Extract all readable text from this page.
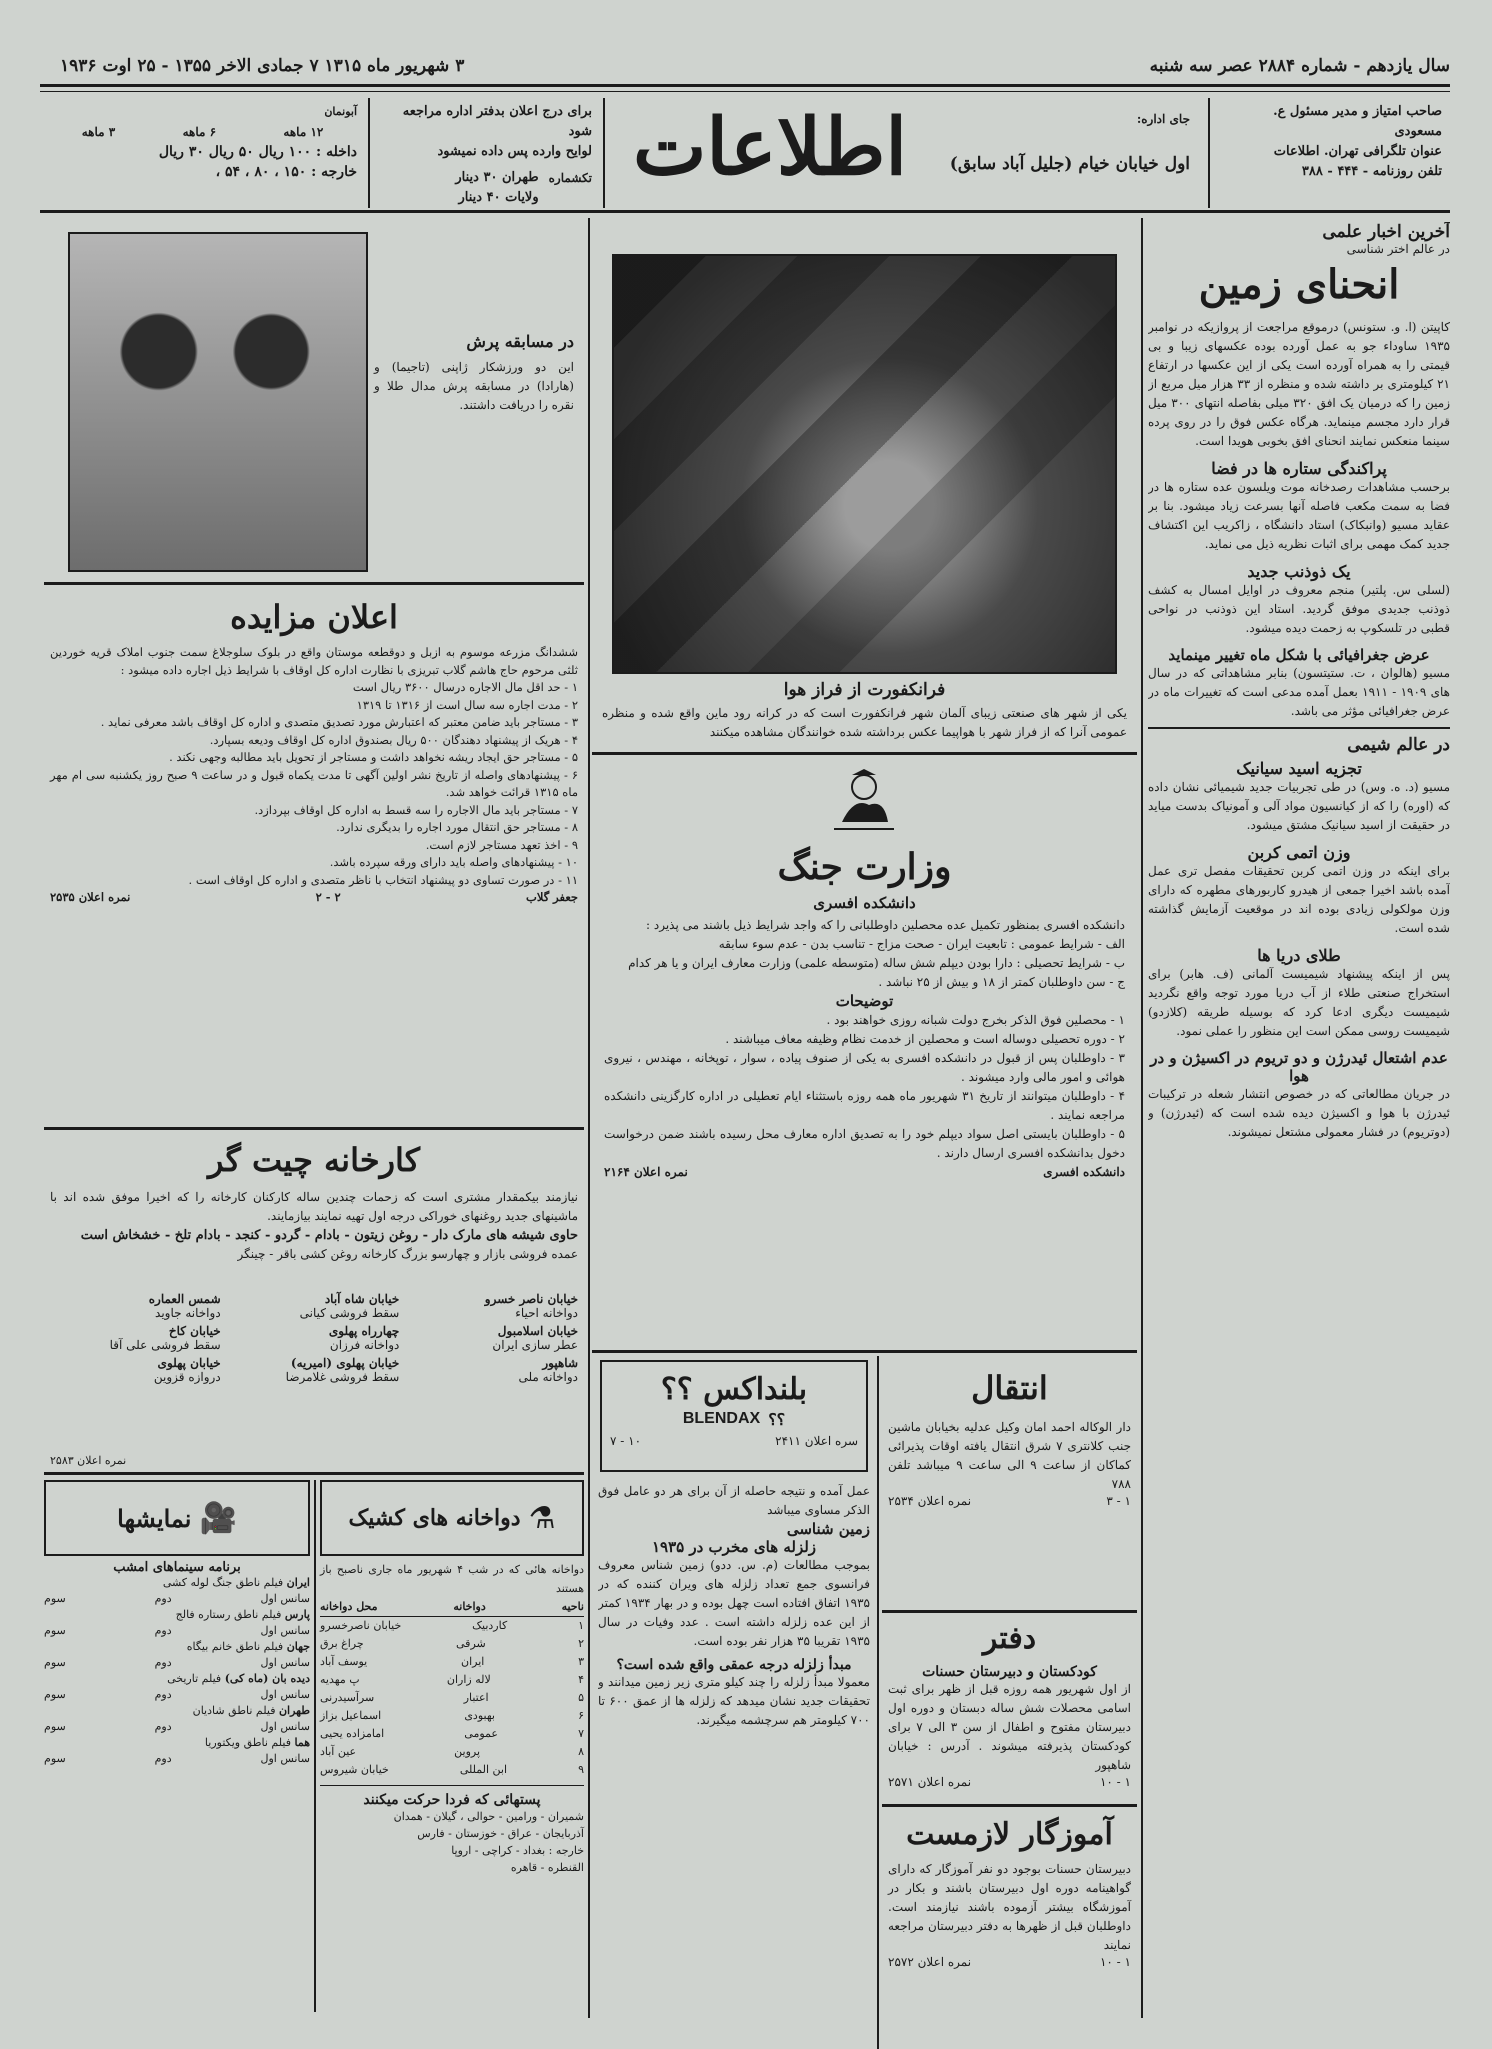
سال یازدهم - شماره ۲۸۸۴ عصر سه شنبه
۳ شهریور ماه ۱۳۱۵ ۷ جمادی الاخر ۱۳۵۵ - ۲۵ اوت ۱۹۳۶
صاحب امتیاز و مدیر مسئول ع. مسعودی
عنوان تلگرافی تهران. اطلاعات
تلفن روزنامه - ۴۴۴ - ۳۸۸
جای اداره:
اول خیابان خیام (جلیل آباد سابق)
اطلاعات
برای درج اعلان بدفتر اداره مراجعه شود
لوایح وارده پس داده نمیشود
تکشماره
طهران ۳۰ دینار
ولایات ۴۰ دینار
آبونمان
۱۲ ماهه
۶ ماهه
۳ ماهه
داخله : ۱۰۰ ریال ۵۰ ریال ۳۰ ریال
خارجه : ۱۵۰ ، ۸۰ ، ۵۴ ،
آخرین اخبار علمی
در عالم اختر شناسی
انحنای زمین

کاپیتن (ا. و. ستونس) درموقع مراجعت از پروازیکه در نوامبر ۱۹۳۵ ساوداء جو به عمل آورده بوده عکسهای زیبا و بی قیمتی را به همراه آورده است یکی از این عکسها در ارتفاع ۲۱ کیلومتری بر داشته شده و منظره از ۳۳ هزار میل مربع از زمین را که درمیان یک افق ۳۲۰ میلی بفاصله انتهای ۳۰۰ میل قرار دارد مجسم مینماید. هرگاه عکس فوق را در روی پرده سینما منعکس نمایند انحنای افق بخوبی هویدا است.

پراکندگی ستاره ها در فضا

برحسب مشاهدات رصدخانه موت ویلسون عده ستاره ها در فضا به سمت مکعب فاصله آنها بسرعت زیاد میشود. بنا بر عقاید مسیو (وانبکاک) استاد دانشگاه ، زاکریب این اکتشاف جدید کمک مهمی برای اثبات نظریه ذیل می نماید.

یک ذوذنب جدید

(لسلی س. پلتیر) منجم معروف در اوایل امسال به کشف ذوذنب جدیدی موفق گردید. استاد این ذوذنب در نواحی قطبی در تلسکوپ به زحمت دیده میشود.

عرض جغرافیائی با شکل ماه تغییر مینماید

مسیو (هالوان ، ت. ستیتسون) بنابر مشاهداتی که در سال های ۱۹۰۹ - ۱۹۱۱ بعمل آمده مدعی است که تغییرات ماه در عرض جغرافیائی مؤثر می باشد.

در عالم شیمی
تجزیه اسید سیانیک

مسیو (د. ه. وس) در طی تجربیات جدید شیمیائی نشان داده که (اوره) را که از کیانسیون مواد آلی و آمونیاک بدست میاید در حقیقت از اسید سیانیک مشتق میشود.

وزن اتمی کربن

برای اینکه در وزن اتمی کربن تحقیقات مفصل تری عمل آمده باشد اخیرا جمعی از هیدرو کاربورهای مطهره که دارای وزن مولکولی زیادی بوده اند در موقعیت آزمایش گذاشته شده است.

طلای دریا ها

پس از اینکه پیشنهاد شیمیست آلمانی (ف. هابر) برای استخراج صنعتی طلاء از آب دریا مورد توجه واقع نگردید شیمیست دیگری ادعا کرد که بوسیله طریقه (کلازدو) شیمیست روسی ممکن است این منظور را عملی نمود.

عدم اشتعال ئیدرژن و دو تریوم در اکسیژن و در هوا

در جریان مطالعاتی که در خصوص انتشار شعله در ترکیبات ئیدرژن با هوا و اکسیژن دیده شده است که (ئیدرژن) و (دوتریوم) در فشار معمولی مشتعل نمیشوند.

فرانکفورت از فراز هوا

یکی از شهر های صنعتی زیبای آلمان شهر فرانکفورت است که در کرانه رود ماین واقع شده و منظره عمومی آنرا که از فراز شهر با هواپیما عکس برداشته شده خوانندگان مشاهده میکنند

وزارت جنگ
دانشکده افسری

دانشکده افسری بمنظور تکمیل عده محصلین داوطلبانی را که واجد شرایط ذیل باشند می پذیرد :

الف - شرایط عمومی : تابعیت ایران - صحت مزاج - تناسب بدن - عدم سوء سابقه

ب - شرایط تحصیلی : دارا بودن دیپلم شش ساله (متوسطه علمی) وزارت معارف ایران و یا هر کدام

ج - سن داوطلبان کمتر از ۱۸ و بیش از ۲۵ نباشد .

توضیحات

۱ - محصلین فوق الذکر بخرج دولت شبانه روزی خواهند بود .

۲ - دوره تحصیلی دوساله است و محصلین از خدمت نظام وظیفه معاف میباشند .

۳ - داوطلبان پس از قبول در دانشکده افسری به یکی از صنوف پیاده ، سوار ، توپخانه ، مهندس ، نیروی هوائی و امور مالی وارد میشوند .

۴ - داوطلبان میتوانند از تاریخ ۳۱ شهریور ماه همه روزه باستثناء ایام تعطیلی در اداره کارگزینی دانشکده مراجعه نمایند .

۵ - داوطلبان بایستی اصل سواد دیپلم خود را به تصدیق اداره معارف محل رسیده باشند ضمن درخواست دخول بدانشکده افسری ارسال دارند .

دانشکده افسری
نمره اعلان ۲۱۶۴
انتقال

دار الوکاله احمد امان وکیل عدلیه بخیابان ماشین جنب کلانتری ۷ شرق انتقال یافته اوقات پذیرائی کماکان از ساعت ۹ الی ساعت ۹ میباشد تلفن ۷۸۸

۱ - ۳
نمره اعلان ۲۵۳۴
بلنداکس ؟؟
؟؟
BLENDAX
سره اعلان ۲۴۱۱
۱۰ - ۷
دفتر
کودکستان و دبیرستان حسنات

از اول شهریور همه روزه قبل از ظهر برای ثبت اسامی محصلات شش ساله دبستان و دوره اول دبیرستان مفتوح و اطفال از سن ۳ الی ۷ برای کودکستان پذیرفته میشوند . آدرس : خیابان شاهپور

۱ - ۱۰
نمره اعلان ۲۵۷۱
آموزگار لازمست

دبیرستان حسنات بوجود دو نفر آموزگار که دارای گواهینامه دوره اول دبیرستان باشند و بکار در آموزشگاه بیشتر آزموده باشند نیازمند است. داوطلبان قبل از ظهرها به دفتر دبیرستان مراجعه نمایند

۱ - ۱۰
نمره اعلان ۲۵۷۲

عمل آمده و نتیجه حاصله از آن برای هر دو عامل فوق الذکر مساوی میباشد

زمین شناسی
زلزله های مخرب در ۱۹۳۵

بموجب مطالعات (م. س. ددو) زمین شناس معروف فرانسوی جمع تعداد زلزله های ویران کننده که در ۱۹۳۵ اتفاق افتاده است چهل بوده و در بهار ۱۹۳۴ کمتر از این عده زلزله داشته است . عدد وفیات در سال ۱۹۳۵ تقریبا ۳۵ هزار نفر بوده است.

مبدأ زلزله درجه عمقی واقع شده است؟

معمولا مبدأ زلزله را چند کیلو متری زیر زمین میدانند و تحقیقات جدید نشان میدهد که زلزله ها از عمق ۶۰۰ تا ۷۰۰ کیلومتر هم سرچشمه میگیرند.

در مسابقه پرش

این دو ورزشکار ژاپنی (تاجیما) و (هارادا) در مسابقه پرش مدال طلا و نقره را دریافت داشتند.

اعلان مزایده

ششدانگ مزرعه موسوم به ازبل و دوقطعه موستان واقع در بلوک سلوجلاغ سمت جنوب املاک قریه خوردین ثلثی مرحوم حاج هاشم گلاب تبریزی با نظارت اداره کل اوقاف با شرایط ذیل اجاره داده میشود :

۱ - حد اقل مال الاجاره درسال ۳۶۰۰ ریال است

۲ - مدت اجاره سه سال است از ۱۳۱۶ تا ۱۳۱۹

۳ - مستاجر باید ضامن معتبر که اعتبارش مورد تصدیق متصدی و اداره کل اوقاف باشد معرفی نماید .

۴ - هریک از پیشنهاد دهندگان ۵۰۰ ریال بصندوق اداره کل اوقاف ودیعه بسپارد.

۵ - مستاجر حق ایجاد ریشه نخواهد داشت و مستاجر از تحویل باید مطالبه وجهی نکند .

۶ - پیشنهادهای واصله از تاریخ نشر اولین آگهی تا مدت یکماه قبول و در ساعت ۹ صبح روز یکشنبه سی ام مهر ماه ۱۳۱۵ قرائت خواهد شد.

۷ - مستاجر باید مال الاجاره را سه قسط به اداره کل اوقاف بپردازد.

۸ - مستاجر حق انتقال مورد اجاره را بدیگری ندارد.

۹ - اخذ تعهد مستاجر لازم است.

۱۰ - پیشنهادهای واصله باید دارای ورقه سپرده باشد.

۱۱ - در صورت تساوی دو پیشنهاد انتخاب با ناظر متصدی و اداره کل اوقاف است .

جعفر گلاب
۲ - ۲
نمره اعلان ۲۵۳۵
کارخانه چیت گر

نیازمند بیکمقدار مشتری است که زحمات چندین ساله کارکنان کارخانه را که اخیرا موفق شده اند با ماشینهای جدید روغنهای خوراکی درجه اول تهیه نمایند بیازمایند.

حاوی شیشه های مارک دار - روغن زیتون - بادام - گردو - کنجد - بادام تلخ - خشخاش است

عمده فروشی بازار و چهارسو بزرگ کارخانه روغن کشی باقر - چینگر

خیابان ناصر خسرو
دواخانه احیاء
خیابان شاه آباد
سقط فروشی کیانی
شمس العماره
دواخانه جاوید
خیابان اسلامبول
عطر سازی ایران
چهارراه پهلوی
دواخانه فرزان
خیابان کاخ
سقط فروشی علی آقا
شاهپور
دواخانه ملی
خیابان پهلوی (امیریه)
سقط فروشی غلامرضا
خیابان پهلوی
دروازه قزوین
نمره اعلان ۲۵۸۳
⚗
دواخانه های کشیک

دواخانه هائی که در شب ۴ شهریور ماه جاری ناصبح باز هستند

ناحیه
دواخانه
محل دواخانه
۱
کاردبیک
خیابان ناصرخسرو
۲
شرقی
چراغ برق
۳
ایران
یوسف آباد
۴
لاله زاران
پ مهدیه
۵
اعتبار
سرآسیدرنی
۶
بهبودی
اسماعیل بزاز
۷
عمومی
امامزاده یحیی
۸
پروین
عین آباد
۹
ابن المللی
خیابان شیروس
پستهائی که فردا حرکت میکنند
شمیران - ورامین - حوالی ، گیلان - همدان
آذربایجان - عراق - خوزستان - فارس
خارجه : بغداد - کراچی - اروپا
القنطره - قاهره
🎥
نمایشها
برنامه سینماهای امشب
ایران فیلم ناطق جنگ لوله کشی
سانس اول
دوم
سوم
پارس فیلم ناطق رستاره فالج
سانس اول
دوم
سوم
جهان فیلم ناطق خانم بیگاه
سانس اول
دوم
سوم
دیده بان (ماه کی) فیلم تاریخی
سانس اول
دوم
سوم
طهران فیلم ناطق شادیان
سانس اول
دوم
سوم
هما فیلم ناطق ویکتوریا
سانس اول
دوم
سوم
